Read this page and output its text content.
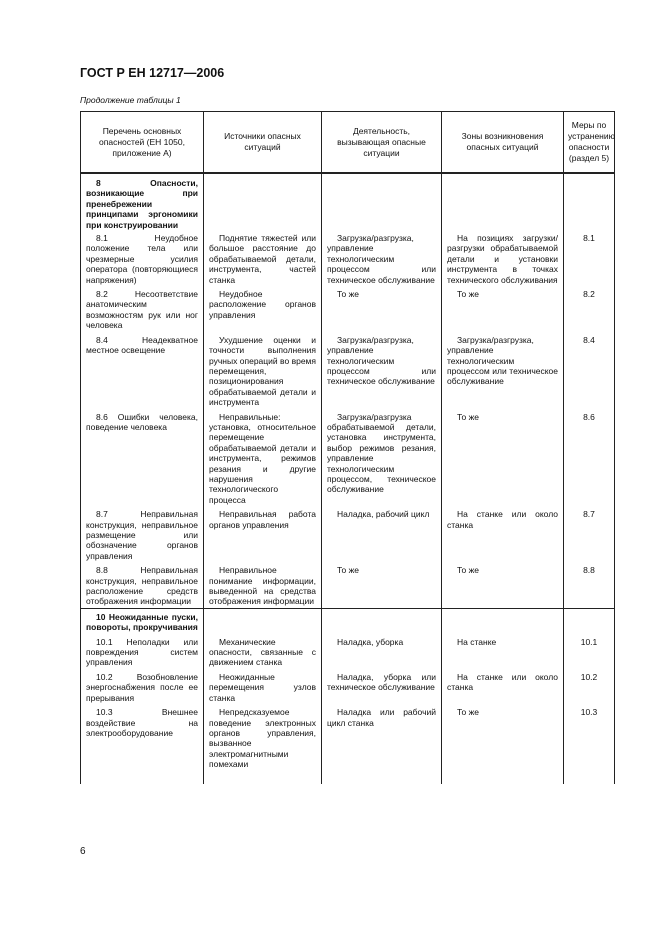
ГОСТ Р ЕН 12717—2006
Продолжение таблицы 1
Перечень основных опасностей (ЕН 1050, приложение А)	Источники опасных ситуаций	Деятельность, вызывающая опасные ситуации	Зоны возникновения опасных ситуаций	Меры по устранению опасности (раздел 5)
8 Опасности, возникающие при пренебрежении принципами эргономики при конструировании				
8.1 Неудобное положение тела или чрезмерные усилия оператора (повторяющиеся напряжения)	Поднятие тяжестей или большое расстояние до обрабатываемой детали, инструмента, частей станка	Загрузка/разгрузка, управление технологическим процессом или техническое обслуживание	На позициях загрузки/разгрузки обрабатываемой детали и установки инструмента в точках технического обслуживания	8.1
8.2 Несоответствие анатомическим возможностям рук или ног человека	Неудобное расположение органов управления	То же	То же	8.2
8.4 Неадекватное местное освещение	Ухудшение оценки и точности выполнения ручных операций во время перемещения, позиционирования обрабатываемой детали и инструмента	Загрузка/разгрузка, управление технологическим процессом или техническое обслуживание	Загрузка/разгрузка, управление технологическим процессом или техническое обслуживание	8.4
8.6 Ошибки человека, поведение человека	Неправильные: установка, относительное перемещение обрабатываемой детали и инструмента, режимов резания и другие нарушения технологического процесса	Загрузка/разгрузка обрабатываемой детали, установка инструмента, выбор режимов резания, управление технологическим процессом, техническое обслуживание	То же	8.6
8.7 Неправильная конструкция, неправильное размещение или обозначение органов управления	Неправильная работа органов управления	Наладка, рабочий цикл	На станке или около станка	8.7
8.8 Неправильная конструкция, неправильное расположение средств отображения информации	Неправильное понимание информации, выведенной на средства отображения информации	То же	То же	8.8
10 Неожиданные пуски, повороты, прокручивания				
10.1 Неполадки или повреждения систем управления	Механические опасности, связанные с движением станка	Наладка, уборка	На станке	10.1
10.2 Возобновление энергоснабжения после ее прерывания	Неожиданные перемещения узлов станка	Наладка, уборка или техническое обслуживание	На станке или около станка	10.2
10.3 Внешнее воздействие на электрооборудование	Непредсказуемое поведение электронных органов управления, вызванное электромагнитными помехами	Наладка или рабочий цикл станка	То же	10.3
6
